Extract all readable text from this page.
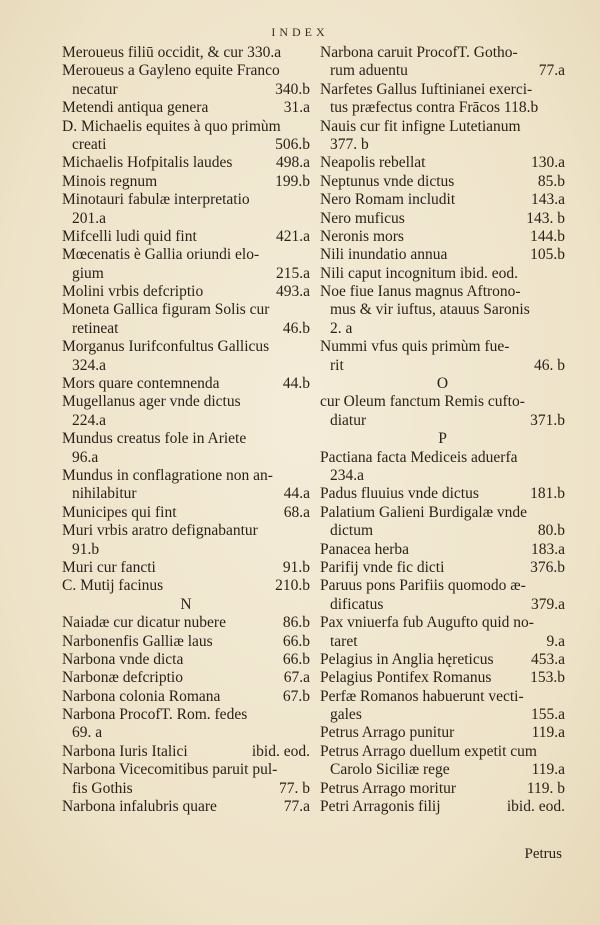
INDEX
Meroueus filiū occidit, & cur 330.a
Meroueus a Gayleno equite Franco
necatur	340.b
Metendi antiqua genera	31.a
D. Michaelis equites à quo primùm
creati	506.b
Michaelis Hofpitalis laudes	498.a
Minois regnum	199.b
Minotauri fabulæ interpretatio
201.a
Mifcelli ludi quid fint	421.a
Mœcenatis è Gallia oriundi elo-
gium	215.a
Molini vrbis defcriptio	493.a
Moneta Gallica figuram Solis cur
retineat	46.b
Morganus Iurifconfultus Gallicus
324.a
Mors quare contemnenda	44.b
Mugellanus ager vnde dictus
224.a
Mundus creatus fole in Ariete
96.a
Mundus in conflagratione non an-
nihilabitur	44.a
Municipes qui fint	68.a
Muri vrbis aratro defignabantur
91.b
Muri cur fancti	91.b
C. Mutij facinus	210.b
N
Naiadæ cur dicatur nubere	86.b
Narbonenfis Galliæ laus	66.b
Narbona vnde dicta	66.b
Narbonæ defcriptio	67.a
Narbona colonia Romana	67.b
Narbona ProcofT. Rom. fedes
69. a
Narbona Iuris Italici	ibid. eod.
Narbona Vicecomitibus paruit pul-
fis Gothis	77. b
Narbona infalubris quare	77.a
Narbona caruit ProcofT. Gotho-
rum aduentu	77.a
Narfetes Gallus Iuftinianei exerci-
tus præfectus contra Frācos 118.b
Nauis cur fit infigne Lutetianum
377. b
Neapolis rebellat	130.a
Neptunus vnde dictus	85.b
Nero Romam includit	143.a
Nero muficus	143. b
Neronis mors	144.b
Nili inundatio annua	105.b
Nili caput incognitum ibid. eod.
Noe fiue Ianus magnus Aftrono-
mus & vir iuftus, atauus Saronis
2. a
Nummi vfus quis primùm fue-
rit	46. b
O
cur Oleum fanctum Remis cufto-
diatur	371.b
P
Pactiana facta Mediceis aduerfa
234.a
Padus fluuius vnde dictus	181.b
Palatium Galieni Burdigalæ vnde
dictum	80.b
Panacea herba	183.a
Parifij vnde fic dicti	376.b
Paruus pons Parifiis quomodo æ-
dificatus	379.a
Pax vniuerfa fub Augufto quid no-
taret	9.a
Pelagius in Anglia hęreticus 453.a
Pelagius Pontifex Romanus	153.b
Perfæ Romanos habuerunt vecti-
gales	155.a
Petrus Arrago punitur	119.a
Petrus Arrago duellum expetit cum
Carolo Siciliæ rege	119.a
Petrus Arrago moritur	119. b
Petri Arragonis filij	ibid. eod.
Petrus
